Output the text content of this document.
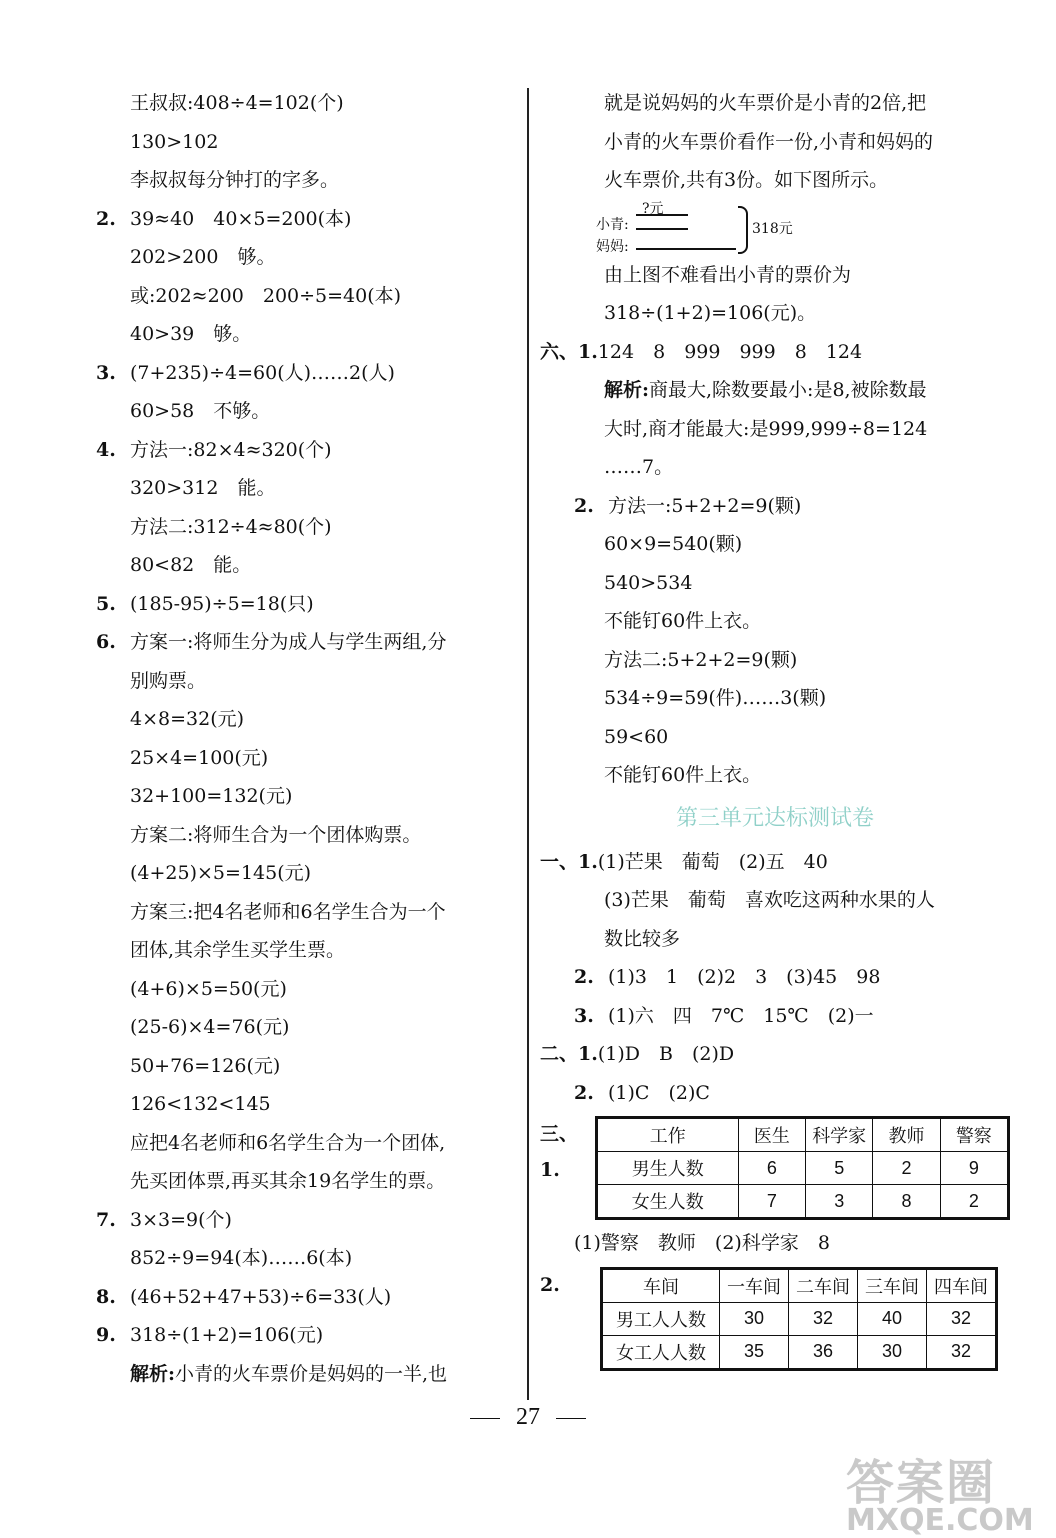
王叔叔:408÷4=102(个)
130>102
李叔叔每分钟打的字多。
2. 39≈40　40×5=200(本)
202>200　够。
或:202≈200　200÷5=40(本)
40>39　够。
3. (7+235)÷4=60(人)……2(人)
60>58　不够。
4. 方法一:82×4≈320(个)
320>312　能。
方法二:312÷4≈80(个)
80<82　能。
5. (185-95)÷5=18(只)
6. 方案一:将师生分为成人与学生两组,分
别购票。
4×8=32(元)
25×4=100(元)
32+100=132(元)
方案二:将师生合为一个团体购票。
(4+25)×5=145(元)
方案三:把4名老师和6名学生合为一个
团体,其余学生买学生票。
(4+6)×5=50(元)
(25-6)×4=76(元)
50+76=126(元)
126<132<145
应把4名老师和6名学生合为一个团体,
先买团体票,再买其余19名学生的票。
7. 3×3=9(个)
852÷9=94(本)……6(本)
8. (46+52+47+53)÷6=33(人)
9. 318÷(1+2)=106(元)
解析:小青的火车票价是妈妈的一半,也
就是说妈妈的火车票价是小青的2倍,把
小青的火车票价看作一份,小青和妈妈的
火车票价,共有3份。如下图所示。
小青:
?元
妈妈:
318元
由上图不难看出小青的票价为
318÷(1+2)=106(元)。
六、1.124　8　999　999　8　124
解析:商最大,除数要最小:是8,被除数最
大时,商才能最大:是999,999÷8=124
……7。
2. 方法一:5+2+2=9(颗)
60×9=540(颗)
540>534
不能钉60件上衣。
方法二:5+2+2=9(颗)
534÷9=59(件)……3(颗)
59<60
不能钉60件上衣。
第三单元达标测试卷
一、1.(1)芒果　葡萄　(2)五　40
(3)芒果　葡萄　喜欢吃这两种水果的人
数比较多
2. (1)3　1　(2)2　3　(3)45　98
3. (1)六　四　7℃　15℃　(2)一
二、1.(1)D　B　(2)D
2. (1)C　(2)C
三、1.
工作	医生	科学家	教师	警察
男生人数	6	5	2	9
女生人数	7	3	8	2
(1)警察　教师　(2)科学家　8
2.	车间	一车间	二车间	三车间	四车间
男工人人数	30	32	40	32
女工人人数	35	36	30	32
27
答案圈
MXQE.COM
